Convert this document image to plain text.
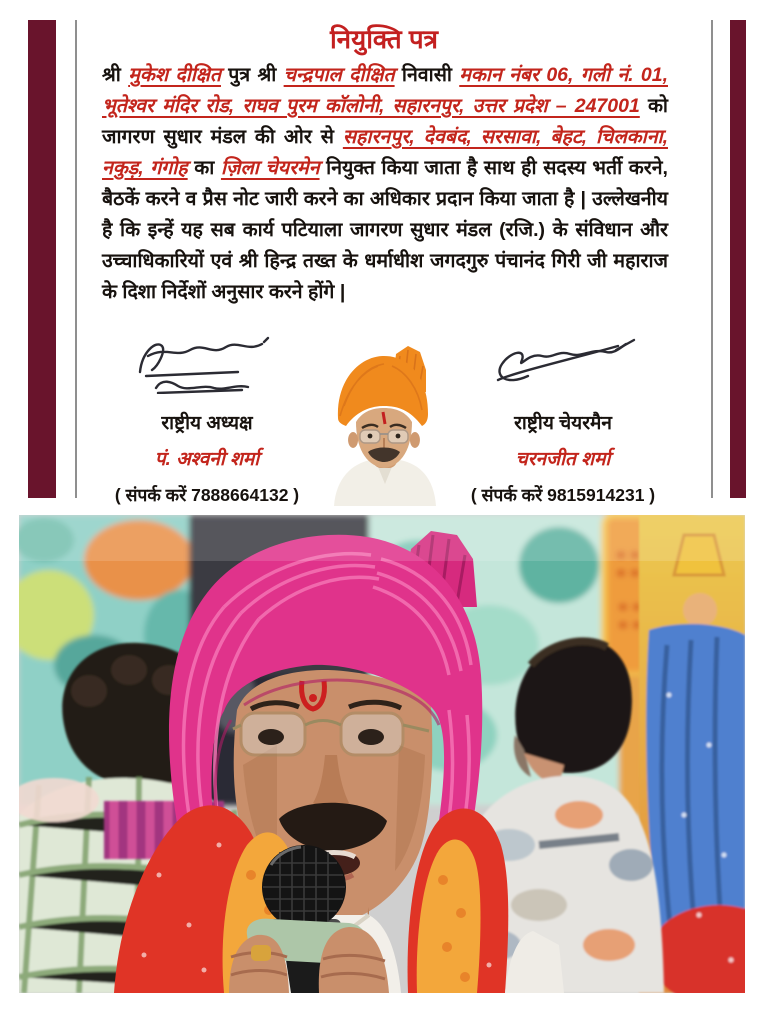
नियुक्ति पत्र

श्री मुकेश दीक्षित पुत्र श्री चन्द्रपाल दीक्षित निवासी मकान नंबर 06, गली नं. 01, भूतेश्वर मंदिर रोड, राघव पुरम कॉलोनी, सहारनपुर, उत्तर प्रदेश – 247001 को जागरण सुधार मंडल की ओर से सहारनपुर, देवबंद, सरसावा, बेहट, चिलकाना, नकुड़, गंगोह का ज़िला चेयरमेन नियुक्त किया जाता है साथ ही सदस्य भर्ती करने, बैठकें करने व प्रैस नोट जारी करने का अधिकार प्रदान किया जाता है | उल्लेखनीय है कि इन्हें यह सब कार्य पटियाला जागरण सुधार मंडल (रजि.) के संविधान और उच्चाधिकारियों एवं श्री हिन्द्र तख्त के धर्माधीश जगदगुरु पंचानंद गिरी जी महाराज के दिशा निर्देशों अनुसार करने होंगे |

राष्ट्रीय अध्यक्ष
पं. अश्वनी शर्मा
( संपर्क करें 7888664132 )
राष्ट्रीय चेयरमैन
चरनजीत शर्मा
( संपर्क करें 9815914231 )
